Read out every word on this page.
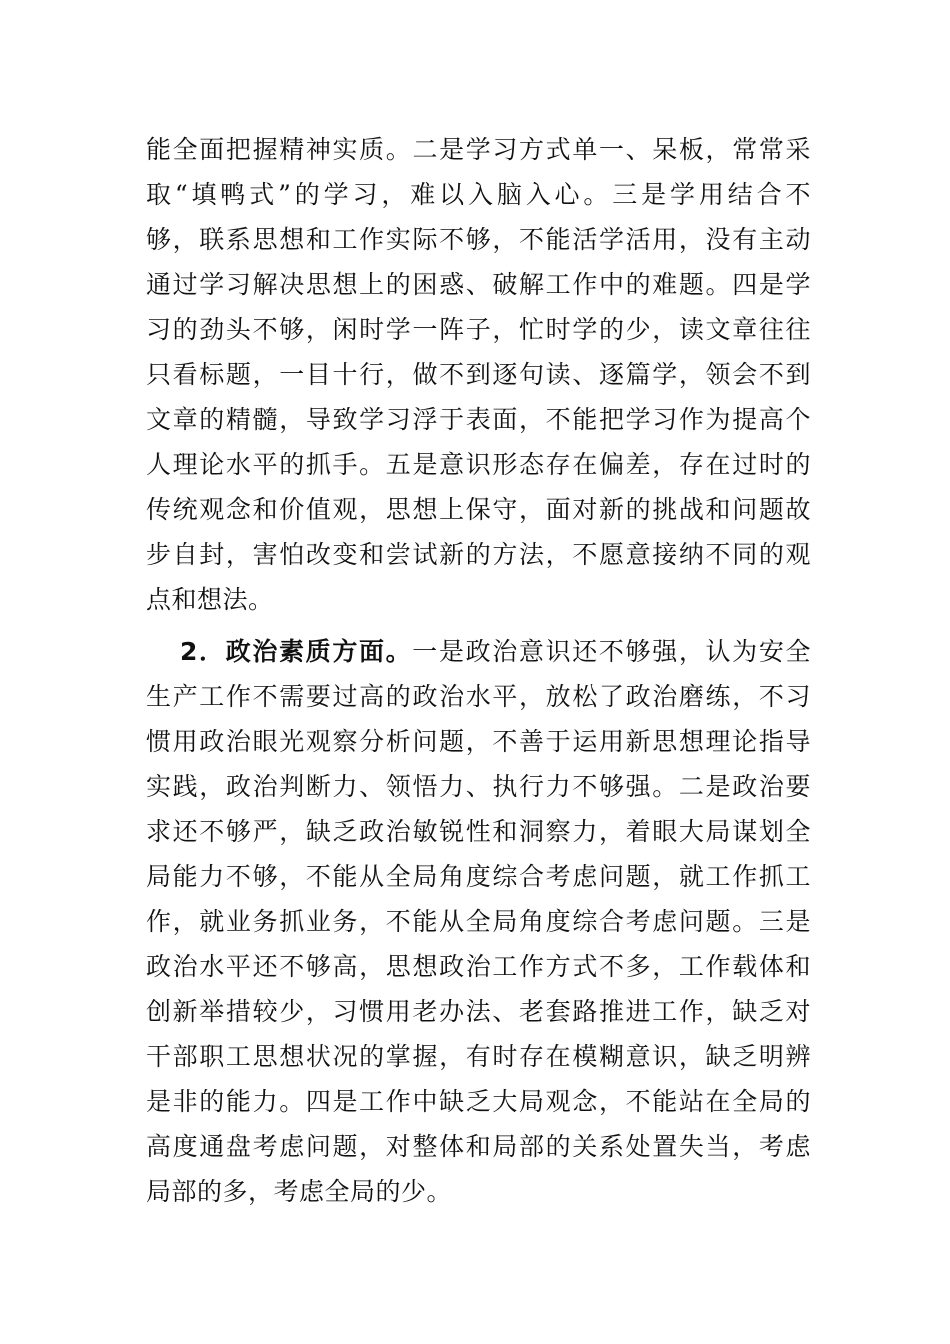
能全面把握精神实质。二是学习方式单一、呆板，常常采
取“填鸭式”的学习，难以入脑入心。三是学用结合不
够，联系思想和工作实际不够，不能活学活用，没有主动
通过学习解决思想上的困惑、破解工作中的难题。四是学
习的劲头不够，闲时学一阵子，忙时学的少，读文章往往
只看标题，一目十行，做不到逐句读、逐篇学，领会不到
文章的精髓，导致学习浮于表面，不能把学习作为提高个
人理论水平的抓手。五是意识形态存在偏差，存在过时的
传统观念和价值观，思想上保守，面对新的挑战和问题故
步自封，害怕改变和尝试新的方法，不愿意接纳不同的观
点和想法。
2．政治素质方面。一是政治意识还不够强，认为安全
生产工作不需要过高的政治水平，放松了政治磨练，不习
惯用政治眼光观察分析问题，不善于运用新思想理论指导
实践，政治判断力、领悟力、执行力不够强。二是政治要
求还不够严，缺乏政治敏锐性和洞察力，着眼大局谋划全
局能力不够，不能从全局角度综合考虑问题，就工作抓工
作，就业务抓业务，不能从全局角度综合考虑问题。三是
政治水平还不够高，思想政治工作方式不多，工作载体和
创新举措较少，习惯用老办法、老套路推进工作，缺乏对
干部职工思想状况的掌握，有时存在模糊意识，缺乏明辨
是非的能力。四是工作中缺乏大局观念，不能站在全局的
高度通盘考虑问题，对整体和局部的关系处置失当，考虑
局部的多，考虑全局的少。
